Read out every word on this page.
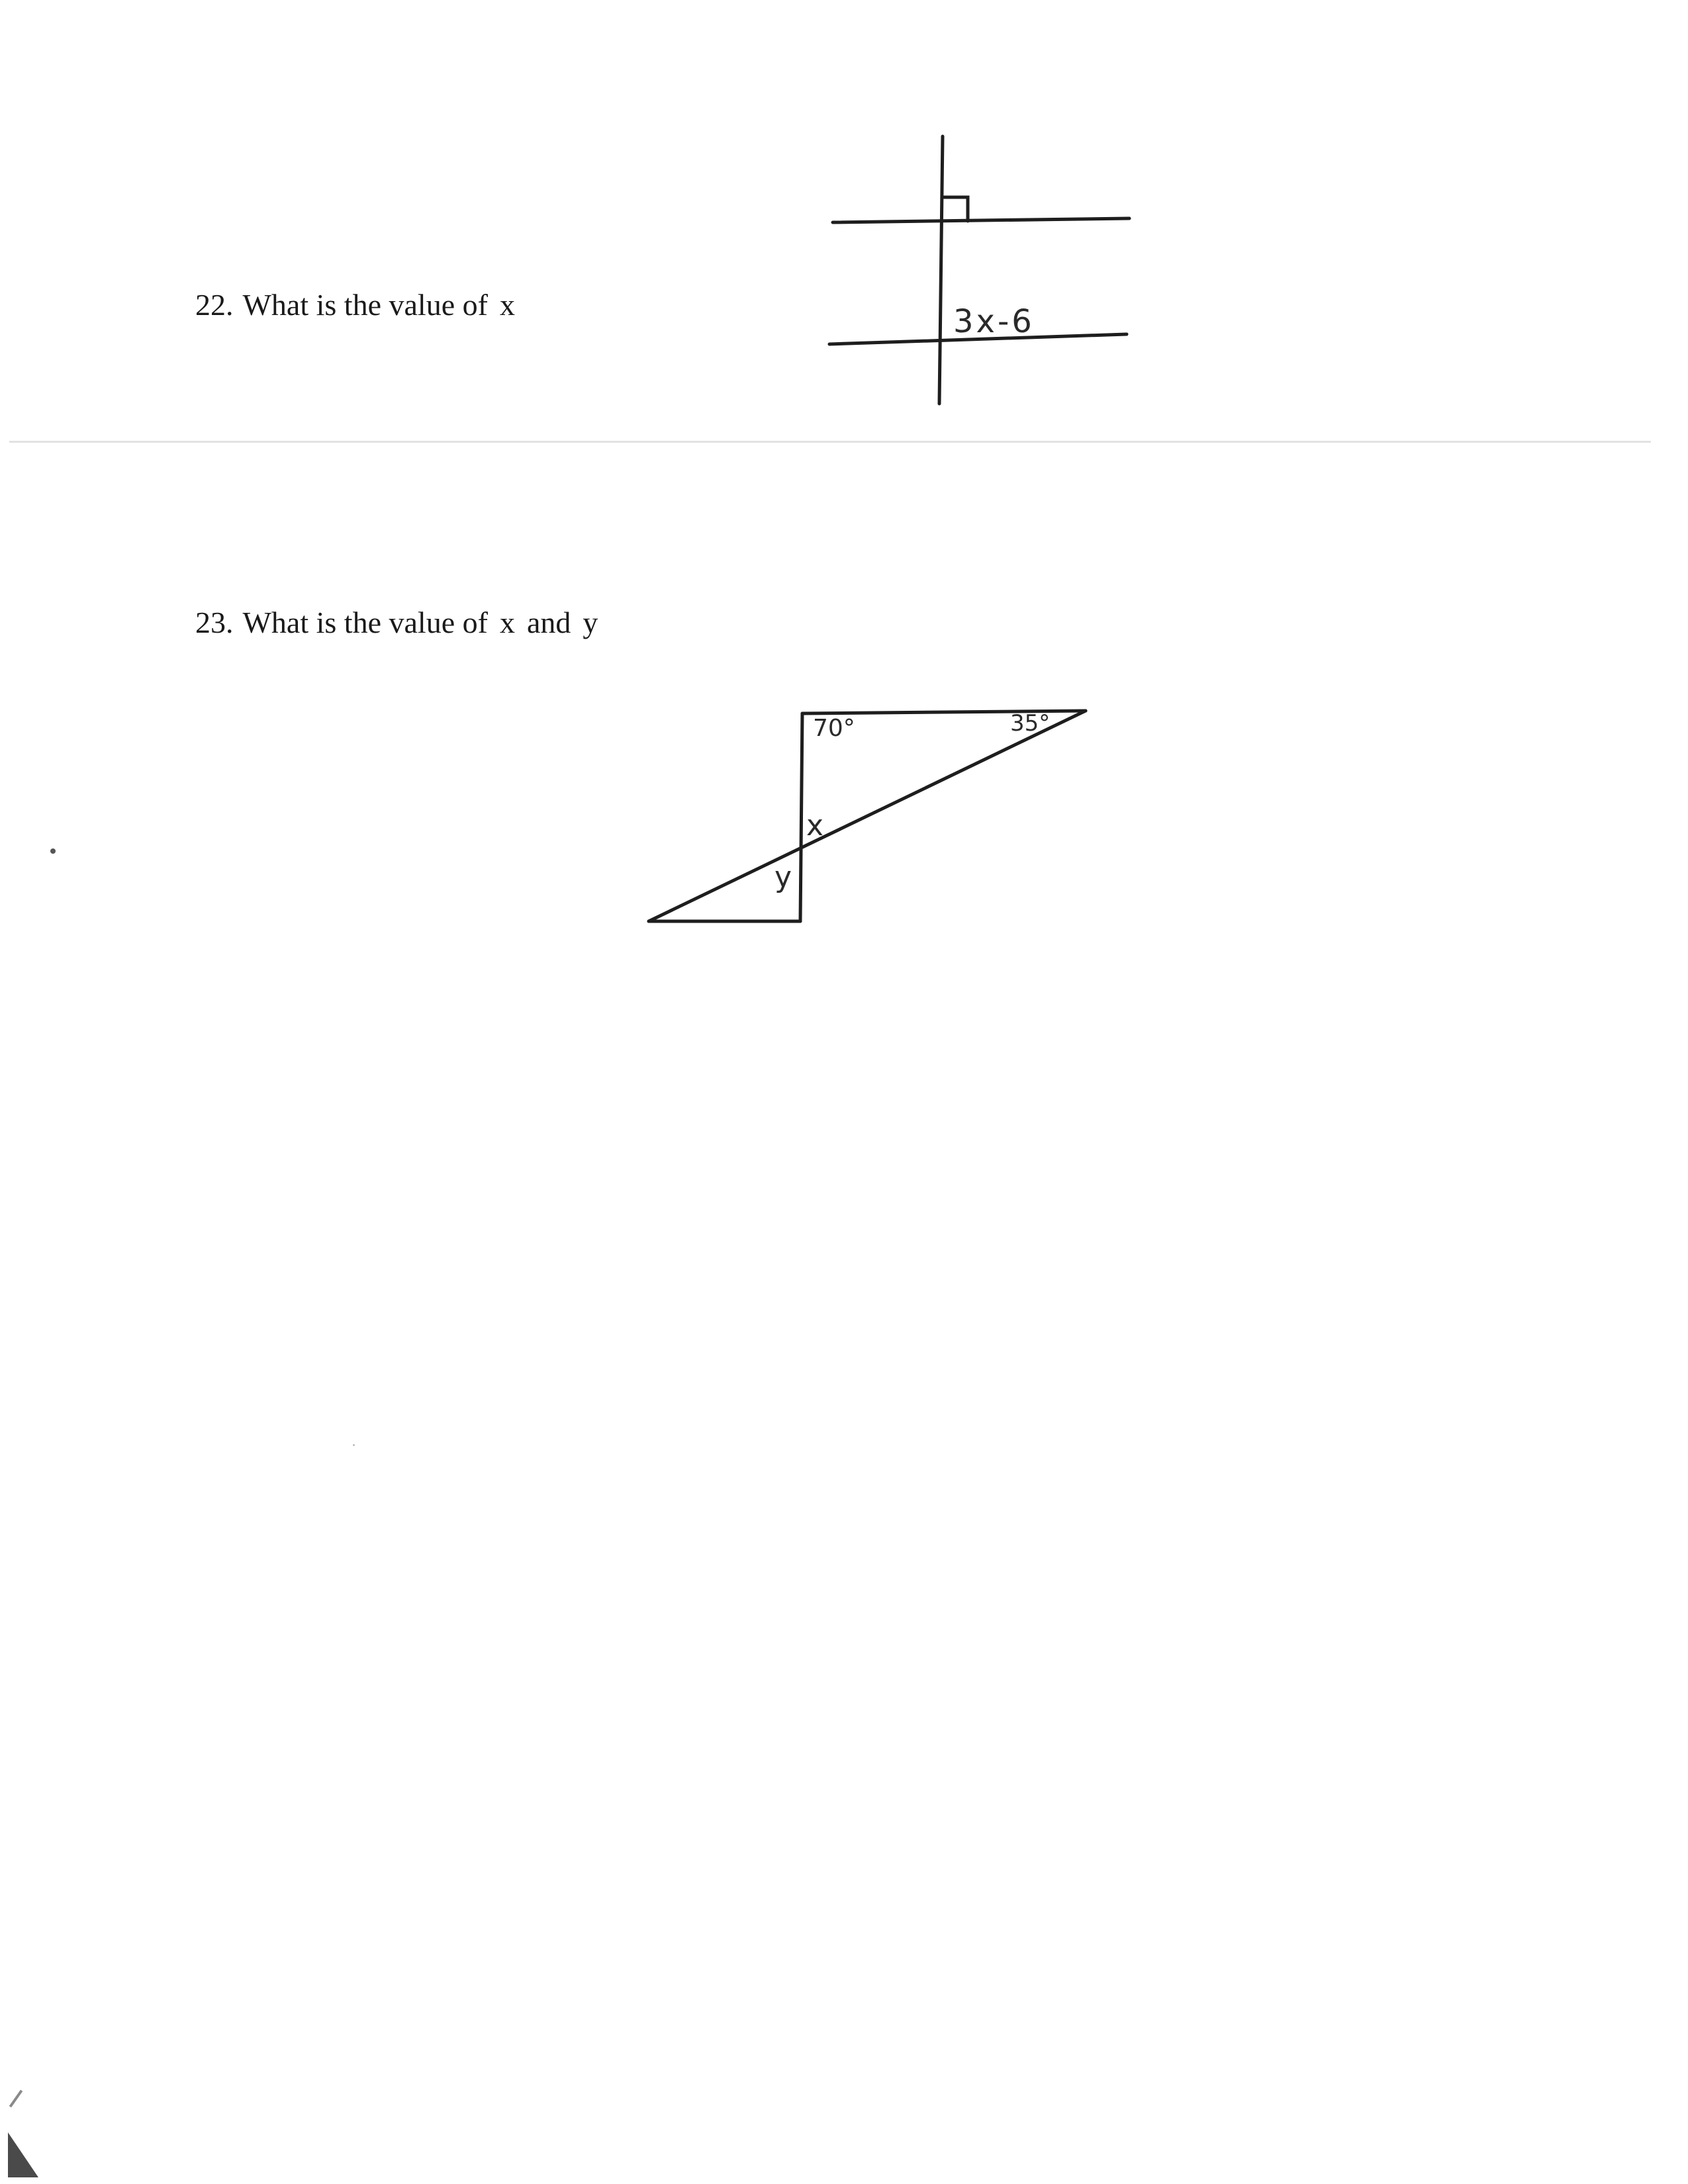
22. What is the value of x	3x-6

23. What is the value of x and y

70°	35°
x
y
